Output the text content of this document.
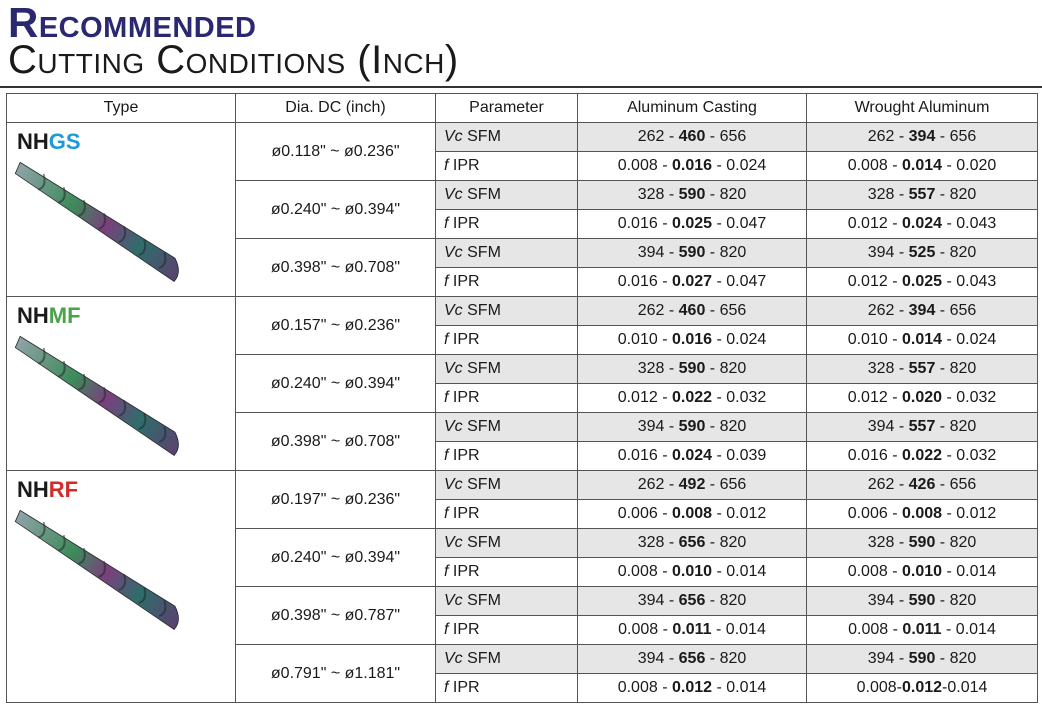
Recommended
Cutting Conditions (Inch)
Type	Dia. DC (inch)	Parameter	Aluminum Casting	Wrought Aluminum

NHGS	ø0.118" ~ ø0.236"	Vc SFM	262 - 460 - 656	262 - 394 - 656
		f IPR	0.008 - 0.016 - 0.024	0.008 - 0.014 - 0.020
	ø0.240" ~ ø0.394"	Vc SFM	328 - 590 - 820	328 - 557 - 820
		f IPR	0.016 - 0.025 - 0.047	0.012 - 0.024 - 0.043
	ø0.398" ~ ø0.708"	Vc SFM	394 - 590 - 820	394 - 525 - 820
		f IPR	0.016 - 0.027 - 0.047	0.012 - 0.025 - 0.043

NHMF	ø0.157" ~ ø0.236"	Vc SFM	262 - 460 - 656	262 - 394 - 656
		f IPR	0.010 - 0.016 - 0.024	0.010 - 0.014 - 0.024
	ø0.240" ~ ø0.394"	Vc SFM	328 - 590 - 820	328 - 557 - 820
		f IPR	0.012 - 0.022 - 0.032	0.012 - 0.020 - 0.032
	ø0.398" ~ ø0.708"	Vc SFM	394 - 590 - 820	394 - 557 - 820
		f IPR	0.016 - 0.024 - 0.039	0.016 - 0.022 - 0.032

NHRF	ø0.197" ~ ø0.236"	Vc SFM	262 - 492 - 656	262 - 426 - 656
		f IPR	0.006 - 0.008 - 0.012	0.006 - 0.008 - 0.012
	ø0.240" ~ ø0.394"	Vc SFM	328 - 656 - 820	328 - 590 - 820
		f IPR	0.008 - 0.010 - 0.014	0.008 - 0.010 - 0.014
	ø0.398" ~ ø0.787"	Vc SFM	394 - 656 - 820	394 - 590 - 820
		f IPR	0.008 - 0.011 - 0.014	0.008 - 0.011 - 0.014
	ø0.791" ~ ø1.181"	Vc SFM	394 - 656 - 820	394 - 590 - 820
		f IPR	0.008 - 0.012 - 0.014	0.008-0.012-0.014
